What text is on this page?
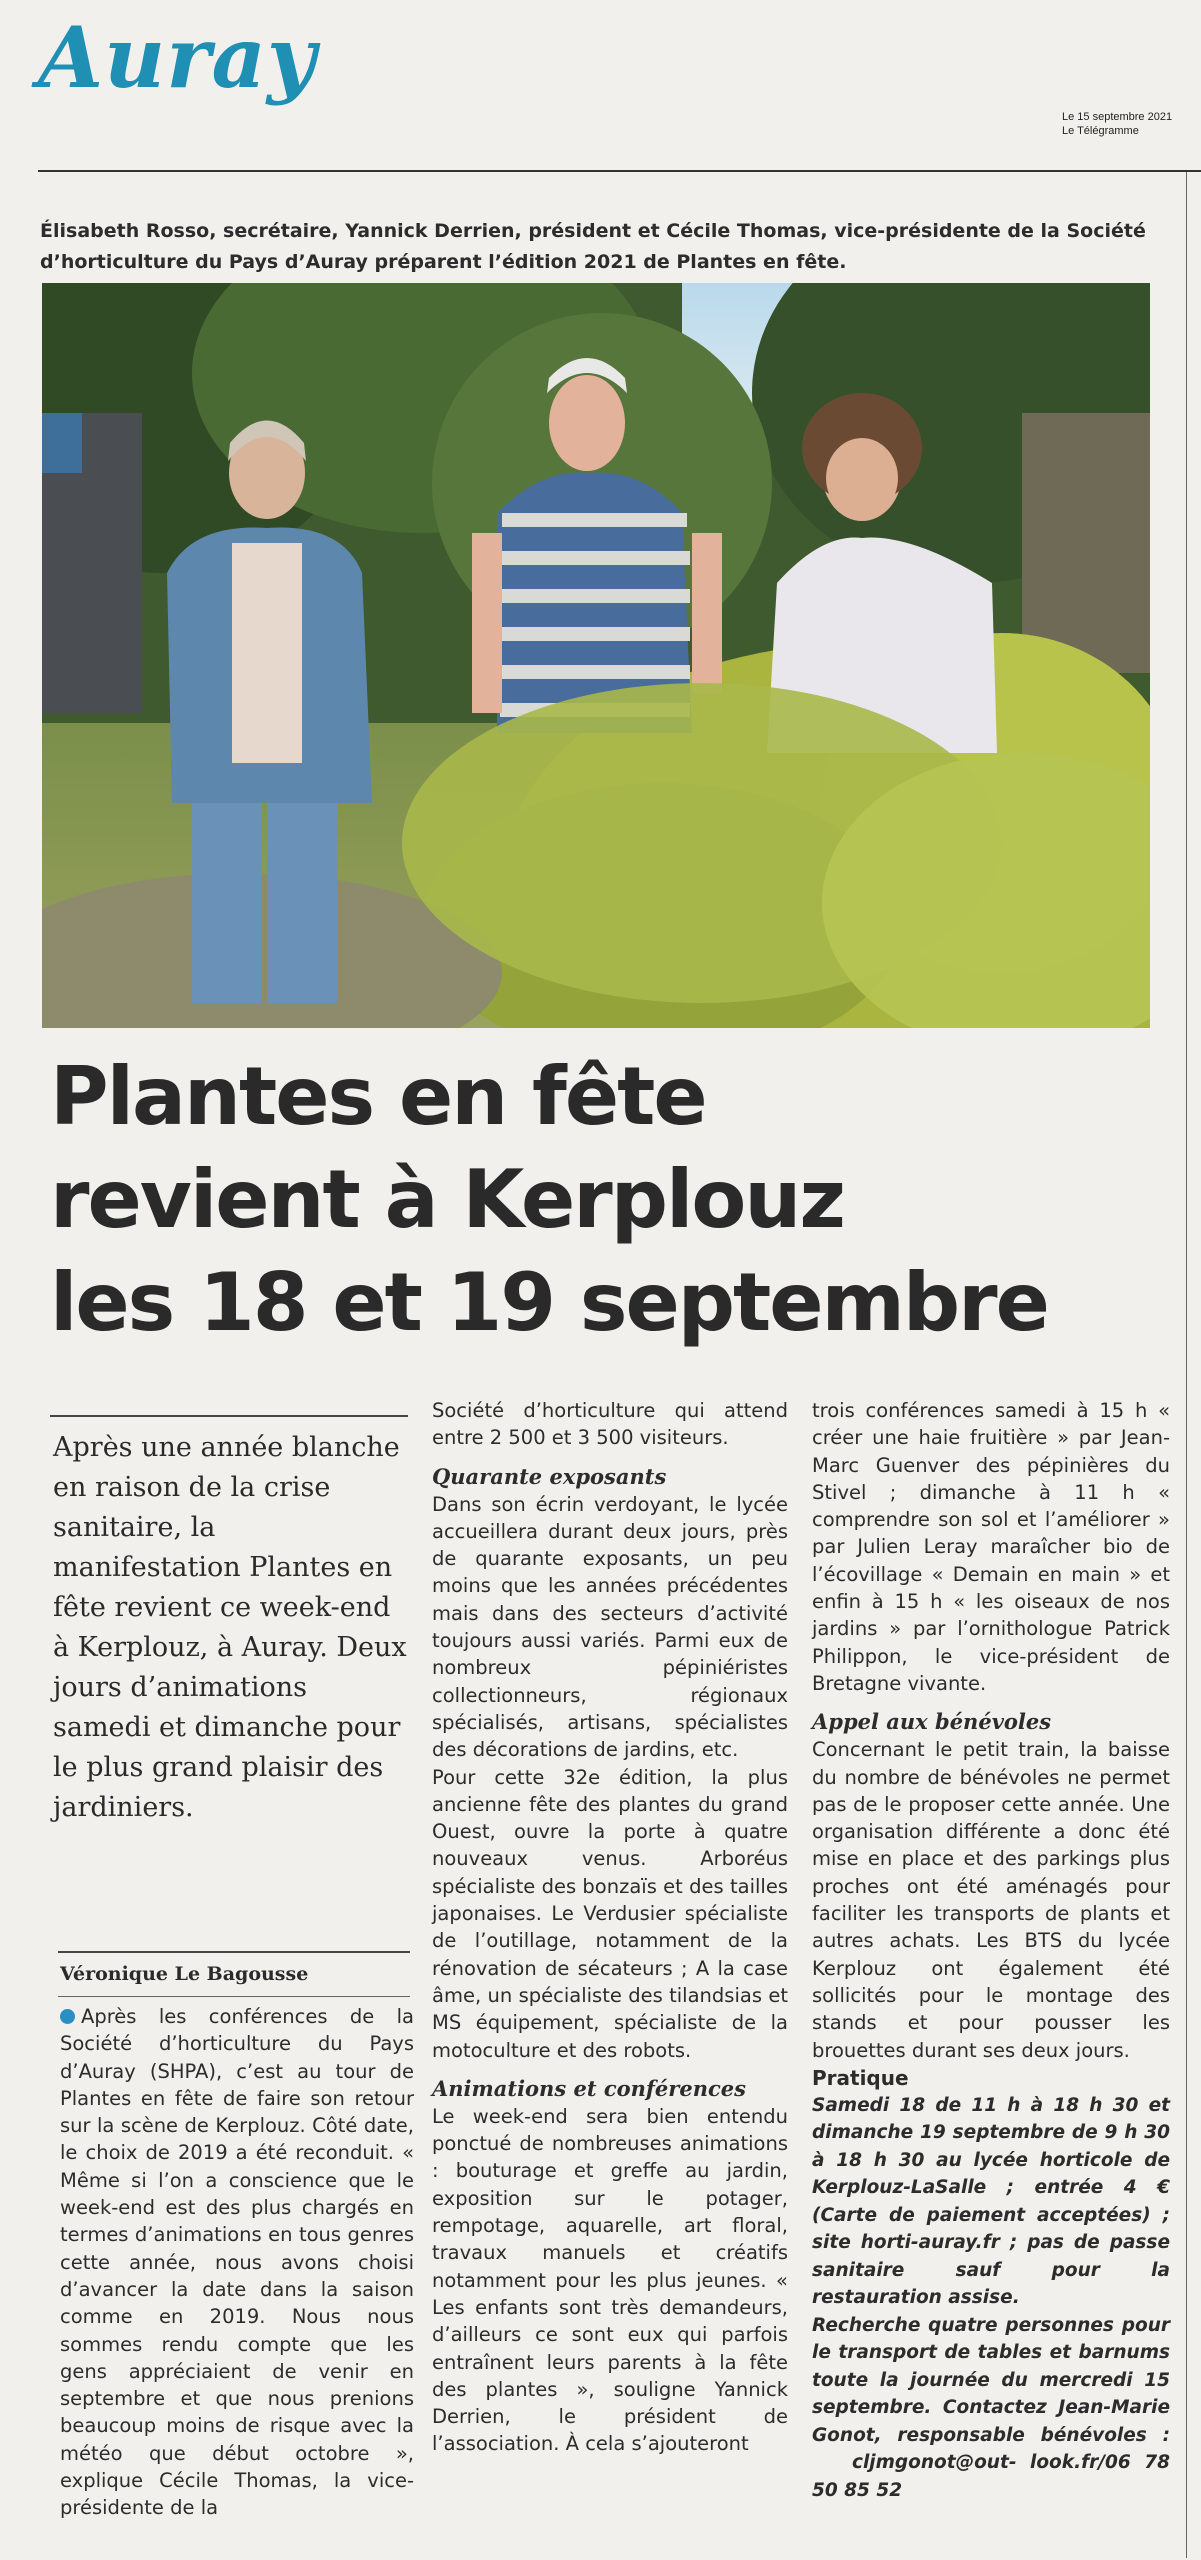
Auray
Le 15 septembre 2021
Le Télégramme
Élisabeth Rosso, secrétaire, Yannick Derrien, président et Cécile Thomas, vice-présidente de la Société d’horticulture du Pays d’Auray préparent l’édition 2021 de Plantes en fête.
Plantes en fête
revient à Kerplouz
les 18 et 19 septembre
Après une année blanche en raison de la crise sanitaire, la manifestation Plantes en fête revient ce week-end à Kerplouz, à Auray. Deux jours d’animations samedi et dimanche pour le plus grand plaisir des jardiniers.
Véronique Le Bagousse

Après les conférences de la Société d’horticulture du Pays d’Auray (SHPA), c’est au tour de Plantes en fête de faire son retour sur la scène de Kerplouz. Côté date, le choix de 2019 a été reconduit. « Même si l’on a conscience que le week-end est des plus chargés en termes d’animations en tous genres cette année, nous avons choisi d’avancer la date dans la saison comme en 2019. Nous nous sommes rendu compte que les gens appréciaient de venir en septembre et que nous prenions beaucoup moins de risque avec la météo que début octobre », explique Cécile Thomas, la vice-présidente de la

Société d’horticulture qui attend entre 2 500 et 3 500 visiteurs.

Quarante exposants

Dans son écrin verdoyant, le lycée accueillera durant deux jours, près de quarante exposants, un peu moins que les années précédentes mais dans des secteurs d’activité toujours aussi variés. Parmi eux de nombreux pépiniéristes collectionneurs, régionaux spécialisés, artisans, spécialistes des décorations de jardins, etc.

Pour cette 32e édition, la plus ancienne fête des plantes du grand Ouest, ouvre la porte à quatre nouveaux venus. Arboréus spécialiste des bonzaïs et des tailles japonaises. Le Verdusier spécialiste de l’outillage, notamment de la rénovation de sécateurs ; A la case âme, un spécialiste des tilandsias et MS équipement, spécialiste de la motoculture et des robots.

Animations et conférences

Le week-end sera bien entendu ponctué de nombreuses animations : bouturage et greffe au jardin, exposition sur le potager, rempotage, aquarelle, art floral, travaux manuels et créatifs notamment pour les plus jeunes. « Les enfants sont très demandeurs, d’ailleurs ce sont eux qui parfois entraînent leurs parents à la fête des plantes », souligne Yannick Derrien, le président de l’association. À cela s’ajouteront

trois conférences samedi à 15 h « créer une haie fruitière » par Jean-Marc Guenver des pépinières du Stivel ; dimanche à 11 h « comprendre son sol et l’améliorer » par Julien Leray maraîcher bio de l’écovillage « Demain en main » et enfin à 15 h « les oiseaux de nos jardins » par l’ornithologue Patrick Philippon, le vice-président de Bretagne vivante.

Appel aux bénévoles

Concernant le petit train, la baisse du nombre de bénévoles ne permet pas de le proposer cette année. Une organisation différente a donc été mise en place et des parkings plus proches ont été aménagés pour faciliter les transports de plants et autres achats. Les BTS du lycée Kerplouz ont également été sollicités pour le montage des stands et pour pousser les brouettes durant ses deux jours.

Pratique

Samedi 18 de 11 h à 18 h 30 et dimanche 19 septembre de 9 h 30 à 18 h 30 au lycée horticole de Kerplouz-LaSalle ; entrée 4 € (Carte de paiement acceptées) ; site horti-auray.fr ; pas de passe sanitaire sauf pour la restauration assise.

Recherche quatre personnes pour le transport de tables et barnums toute la journée du mercredi 15 septembre. Contactez Jean-Marie Gonot, responsable bénévoles :cljmgonot@out- look.fr/06 78 50 85 52
